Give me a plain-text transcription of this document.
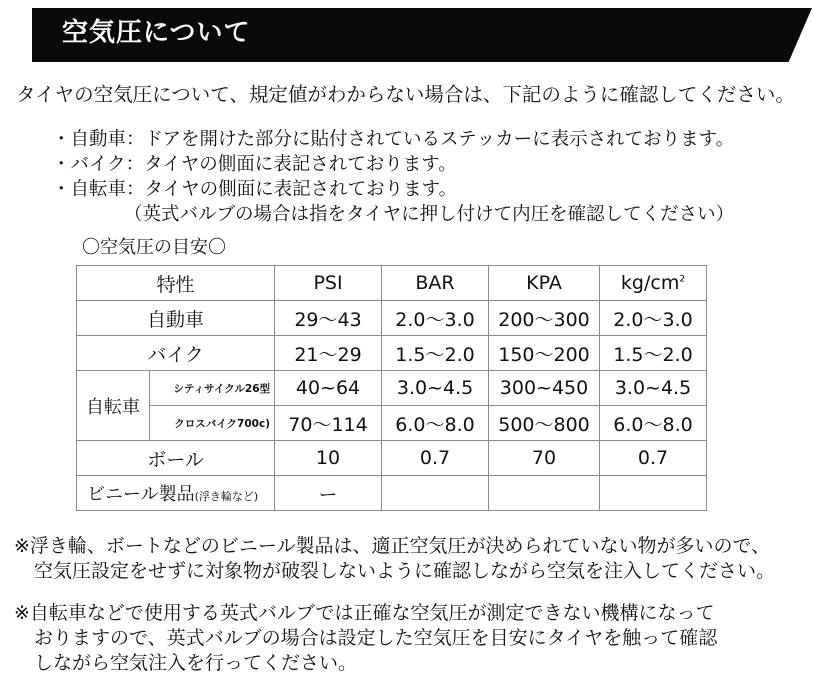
空気圧について

タイヤの空気圧について、規定値がわからない場合は、下記のように確認してください。

・自動車：ドアを開けた部分に貼付されているステッカーに表示されております。
・バイク：タイヤの側面に表記されております。
・自転車：タイヤの側面に表記されております。
（英式バルブの場合は指をタイヤに押し付けて内圧を確認してください）

〇空気圧の目安〇

特性		PSI	BAR	KPA	$kg/cm^2$
自動車		29～43	2.0～3.0	200～300	2.0～3.0
バイク		21～29	1.5～2.0	150～200	1.5～2.0
自転車	シティサイクル26型	40~64	3.0~4.5	300~450	3.0~4.5
	クロスバイク700c)	70～114	6.0～8.0	500～800	6.0～8.0
ボール		10	0.7	70	0.7
ビニール製品(浮き輪など)		ー			
※浮き輪、ボートなどのビニール製品は、適正空気圧が決められていない物が多いので、
空気圧設定をせずに対象物が破裂しないように確認しながら空気を注入してください。
※自転車などで使用する英式バルブでは正確な空気圧が測定できない機構になって
おりますので、英式バルブの場合は設定した空気圧を目安にタイヤを触って確認
しながら空気注入を行ってください。
